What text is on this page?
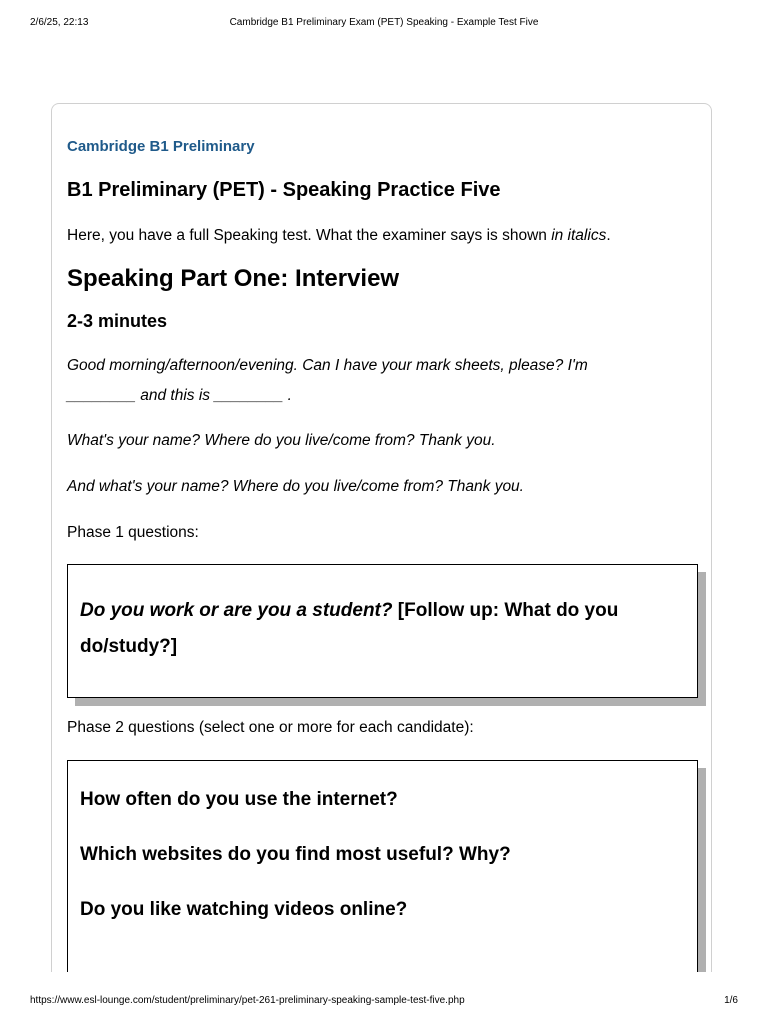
2/6/25, 22:13	Cambridge B1 Preliminary Exam (PET) Speaking - Example Test Five
Cambridge B1 Preliminary
B1 Preliminary (PET) - Speaking Practice Five
Here, you have a full Speaking test. What the examiner says is shown in italics.
Speaking Part One: Interview
2-3 minutes
Good morning/afternoon/evening. Can I have your mark sheets, please? I'm
________ and this is ________ .
What's your name? Where do you live/come from? Thank you.
And what's your name? Where do you live/come from? Thank you.
Phase 1 questions:
Do you work or are you a student? [Follow up: What do you do/study?]
Phase 2 questions (select one or more for each candidate):
How often do you use the internet?
Which websites do you find most useful? Why?
Do you like watching videos online?
https://www.esl-lounge.com/student/preliminary/pet-261-preliminary-speaking-sample-test-five.php	1/6
